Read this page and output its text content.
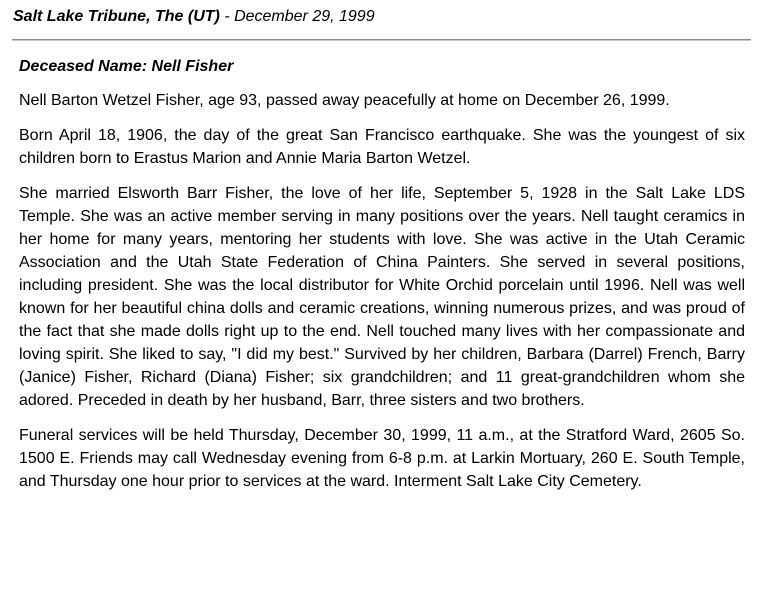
Salt Lake Tribune, The (UT) - December 29, 1999
Deceased Name: Nell Fisher

Nell Barton Wetzel Fisher, age 93, passed away peacefully at home on December 26, 1999.

Born April 18, 1906, the day of the great San Francisco earthquake. She was the youngest of six children born to Erastus Marion and Annie Maria Barton Wetzel.

She married Elsworth Barr Fisher, the love of her life, September 5, 1928 in the Salt Lake LDS Temple. She was an active member serving in many positions over the years. Nell taught ceramics in her home for many years, mentoring her students with love. She was active in the Utah Ceramic Association and the Utah State Federation of China Painters. She served in several positions, including president. She was the local distributor for White Orchid porcelain until 1996. Nell was well known for her beautiful china dolls and ceramic creations, winning numerous prizes, and was proud of the fact that she made dolls right up to the end. Nell touched many lives with her compassionate and loving spirit. She liked to say, "I did my best." Survived by her children, Barbara (Darrel) French, Barry (Janice) Fisher, Richard (Diana) Fisher; six grandchildren; and 11 great-grandchildren whom she adored. Preceded in death by her husband, Barr, three sisters and two brothers.

Funeral services will be held Thursday, December 30, 1999, 11 a.m., at the Stratford Ward, 2605 So. 1500 E. Friends may call Wednesday evening from 6-8 p.m. at Larkin Mortuary, 260 E. South Temple, and Thursday one hour prior to services at the ward. Interment Salt Lake City Cemetery.
